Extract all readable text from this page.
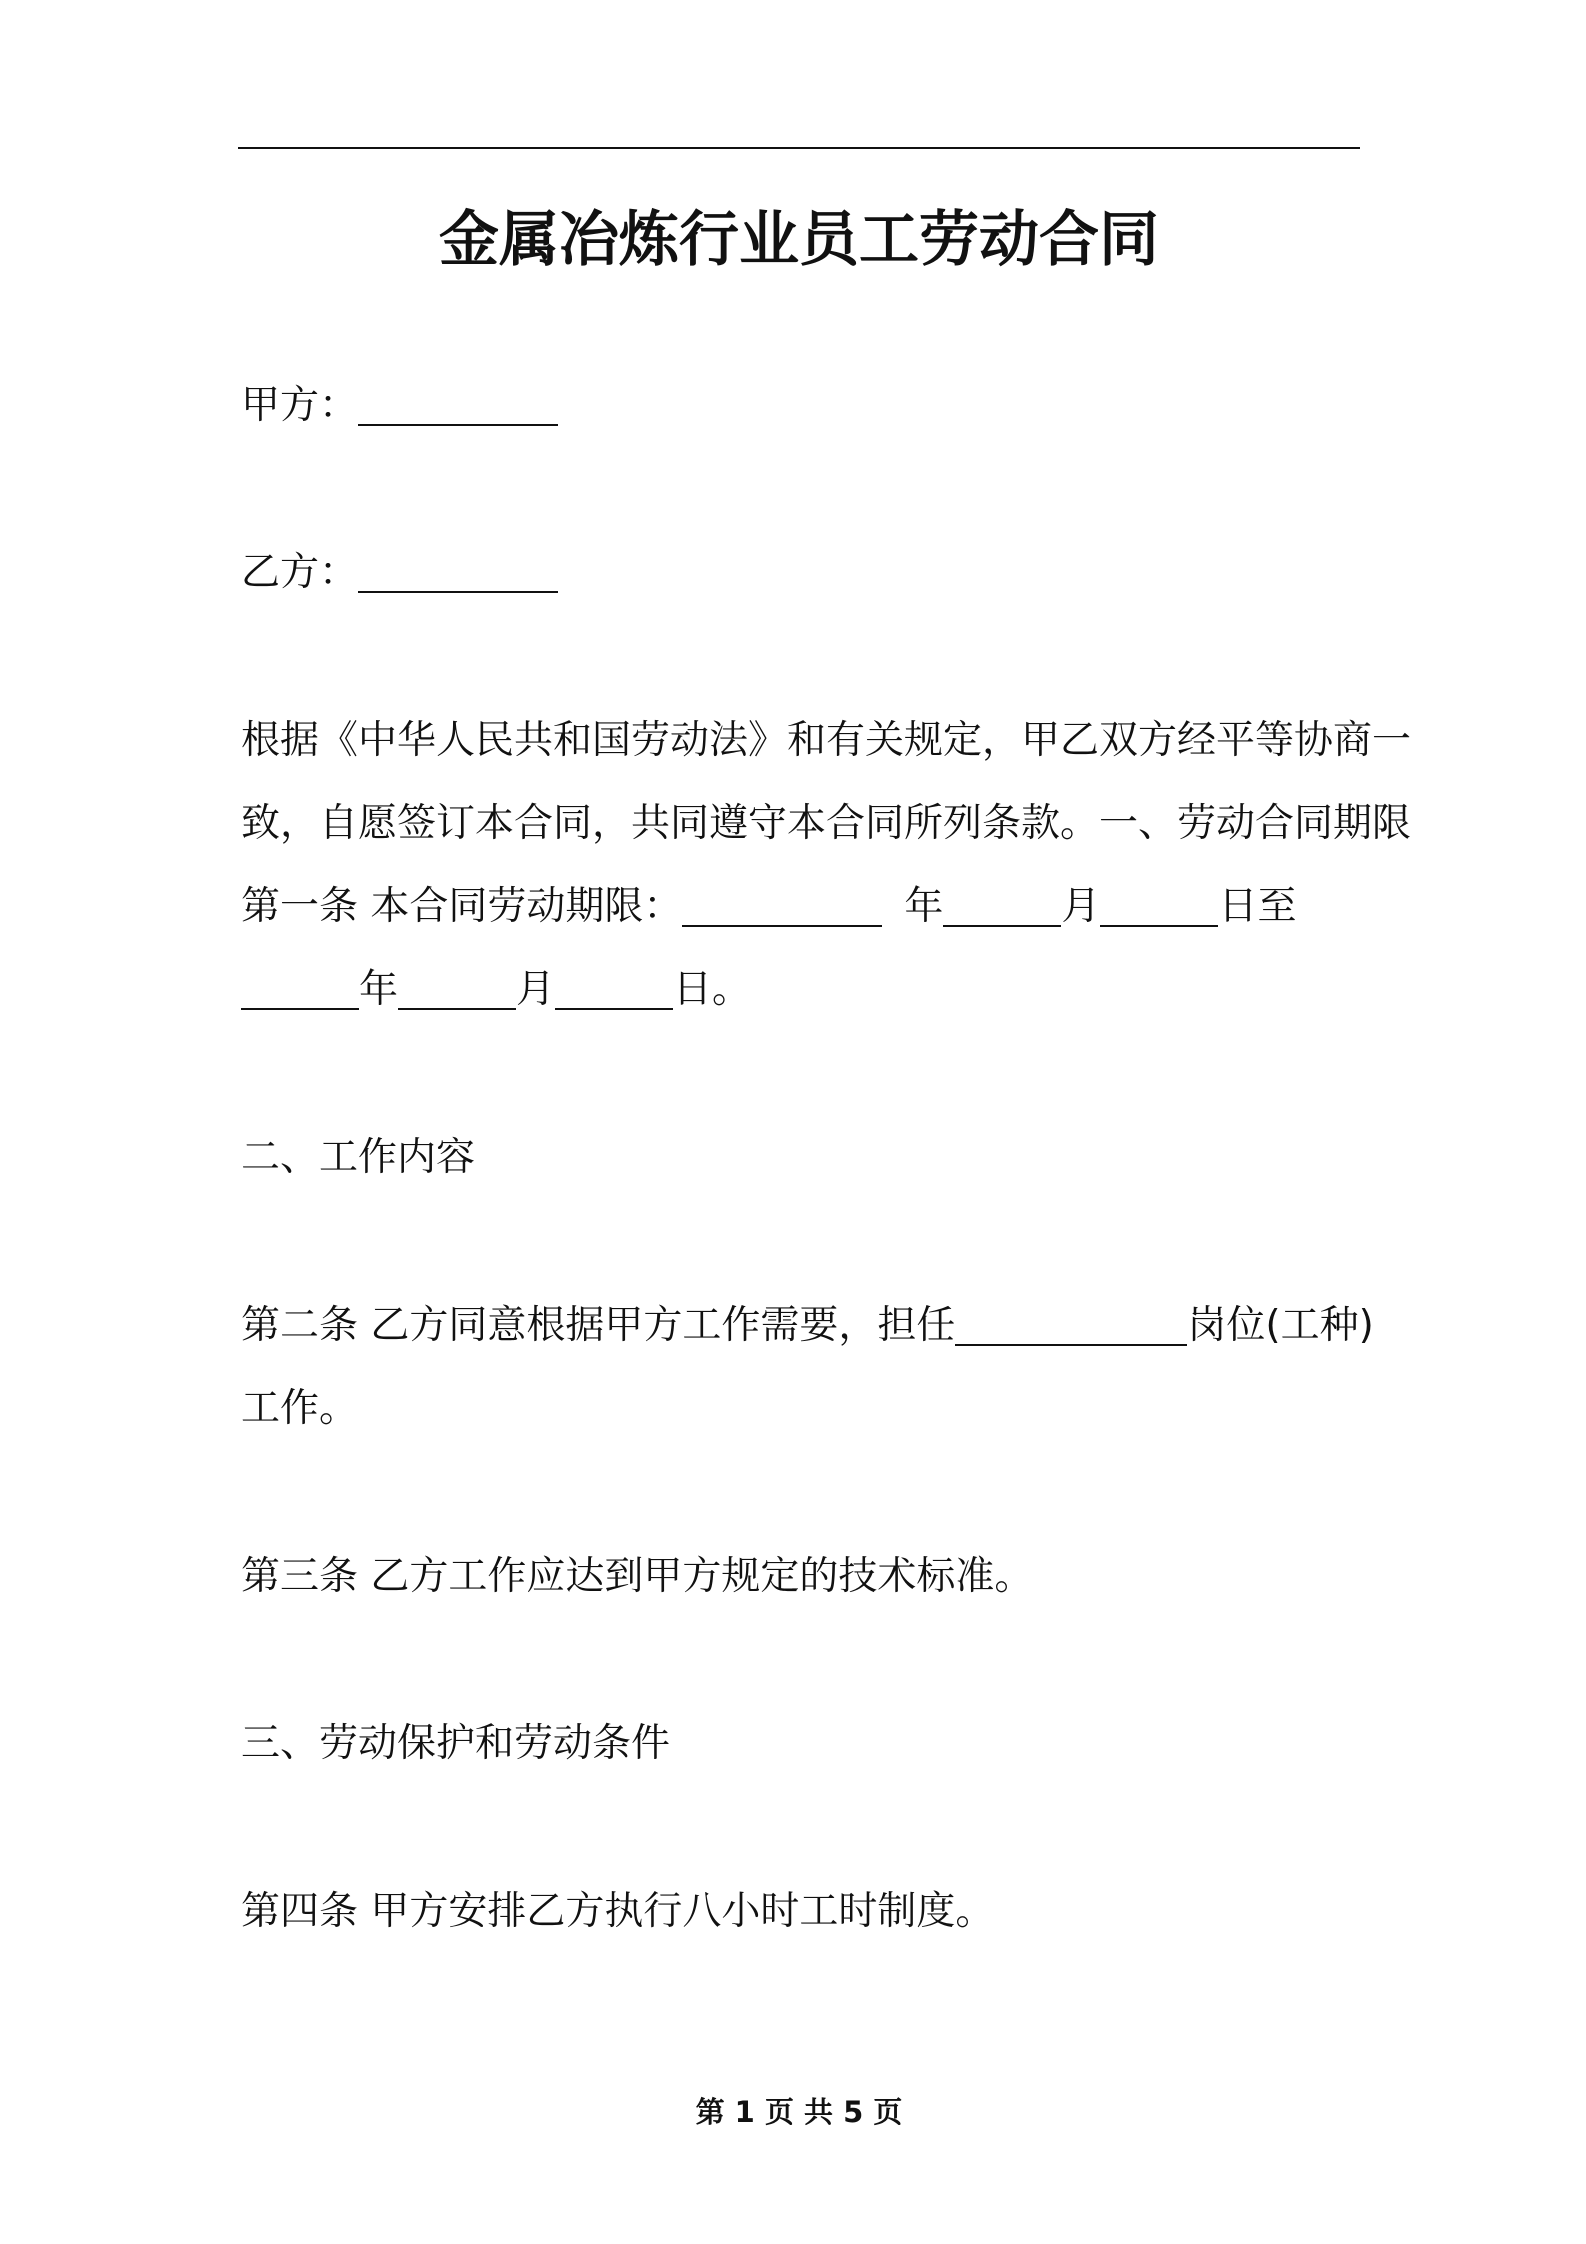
金属冶炼行业员工劳动合同
甲方：
乙方：
根据《中华人民共和国劳动法》和有关规定，甲乙双方经平等协商一
致，自愿签订本合同，共同遵守本合同所列条款。一、劳动合同期限
第一条 本合同劳动期限：	年	月	日至
年	月	日。
二、工作内容
第二条 乙方同意根据甲方工作需要，担任	岗位(工种)
工作。
第三条 乙方工作应达到甲方规定的技术标准。
三、劳动保护和劳动条件
第四条 甲方安排乙方执行八小时工时制度。
第 1 页 共 5 页
